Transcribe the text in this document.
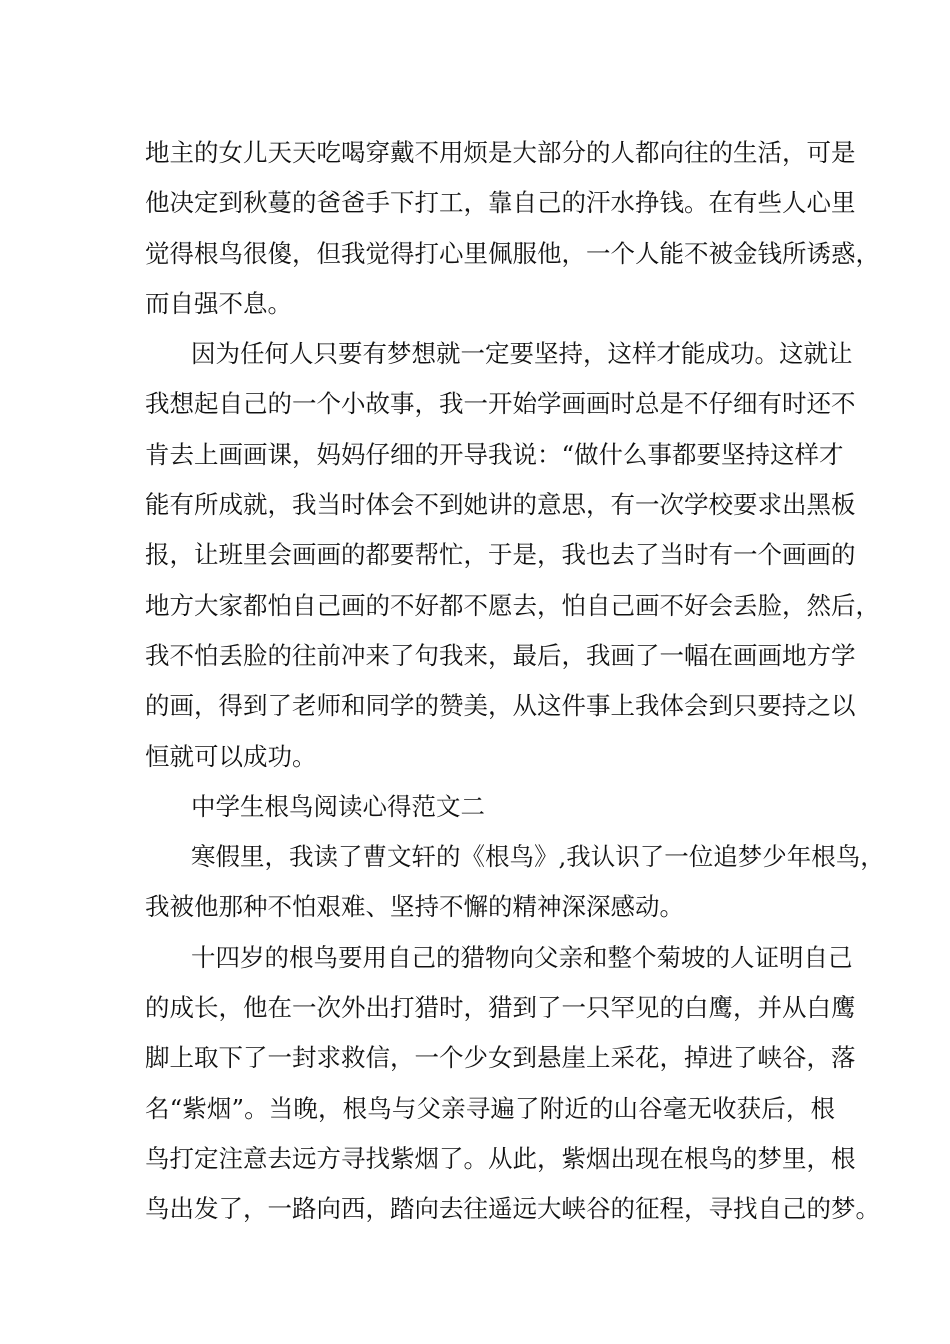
地主的女儿天天吃喝穿戴不用烦是大部分的人都向往的生活，可是
他决定到秋蔓的爸爸手下打工，靠自己的汗水挣钱。在有些人心里
觉得根鸟很傻，但我觉得打心里佩服他，一个人能不被金钱所诱惑，
而自强不息。
因为任何人只要有梦想就一定要坚持，这样才能成功。这就让
我想起自己的一个小故事，我一开始学画画时总是不仔细有时还不
肯去上画画课，妈妈仔细的开导我说：“做什么事都要坚持这样才
能有所成就，我当时体会不到她讲的意思，有一次学校要求出黑板
报，让班里会画画的都要帮忙，于是，我也去了当时有一个画画的
地方大家都怕自己画的不好都不愿去，怕自己画不好会丢脸，然后，
我不怕丢脸的往前冲来了句我来，最后，我画了一幅在画画地方学
的画，得到了老师和同学的赞美，从这件事上我体会到只要持之以
恒就可以成功。
中学生根鸟阅读心得范文二
寒假里，我读了曹文轩的《根鸟》,我认识了一位追梦少年根鸟，
我被他那种不怕艰难、坚持不懈的精神深深感动。
十四岁的根鸟要用自己的猎物向父亲和整个菊坡的人证明自己
的成长，他在一次外出打猎时，猎到了一只罕见的白鹰，并从白鹰
脚上取下了一封求救信，一个少女到悬崖上采花，掉进了峡谷，落
名“紫烟”。当晚，根鸟与父亲寻遍了附近的山谷毫无收获后，根
鸟打定注意去远方寻找紫烟了。从此，紫烟出现在根鸟的梦里，根
鸟出发了，一路向西，踏向去往遥远大峡谷的征程，寻找自己的梦。
